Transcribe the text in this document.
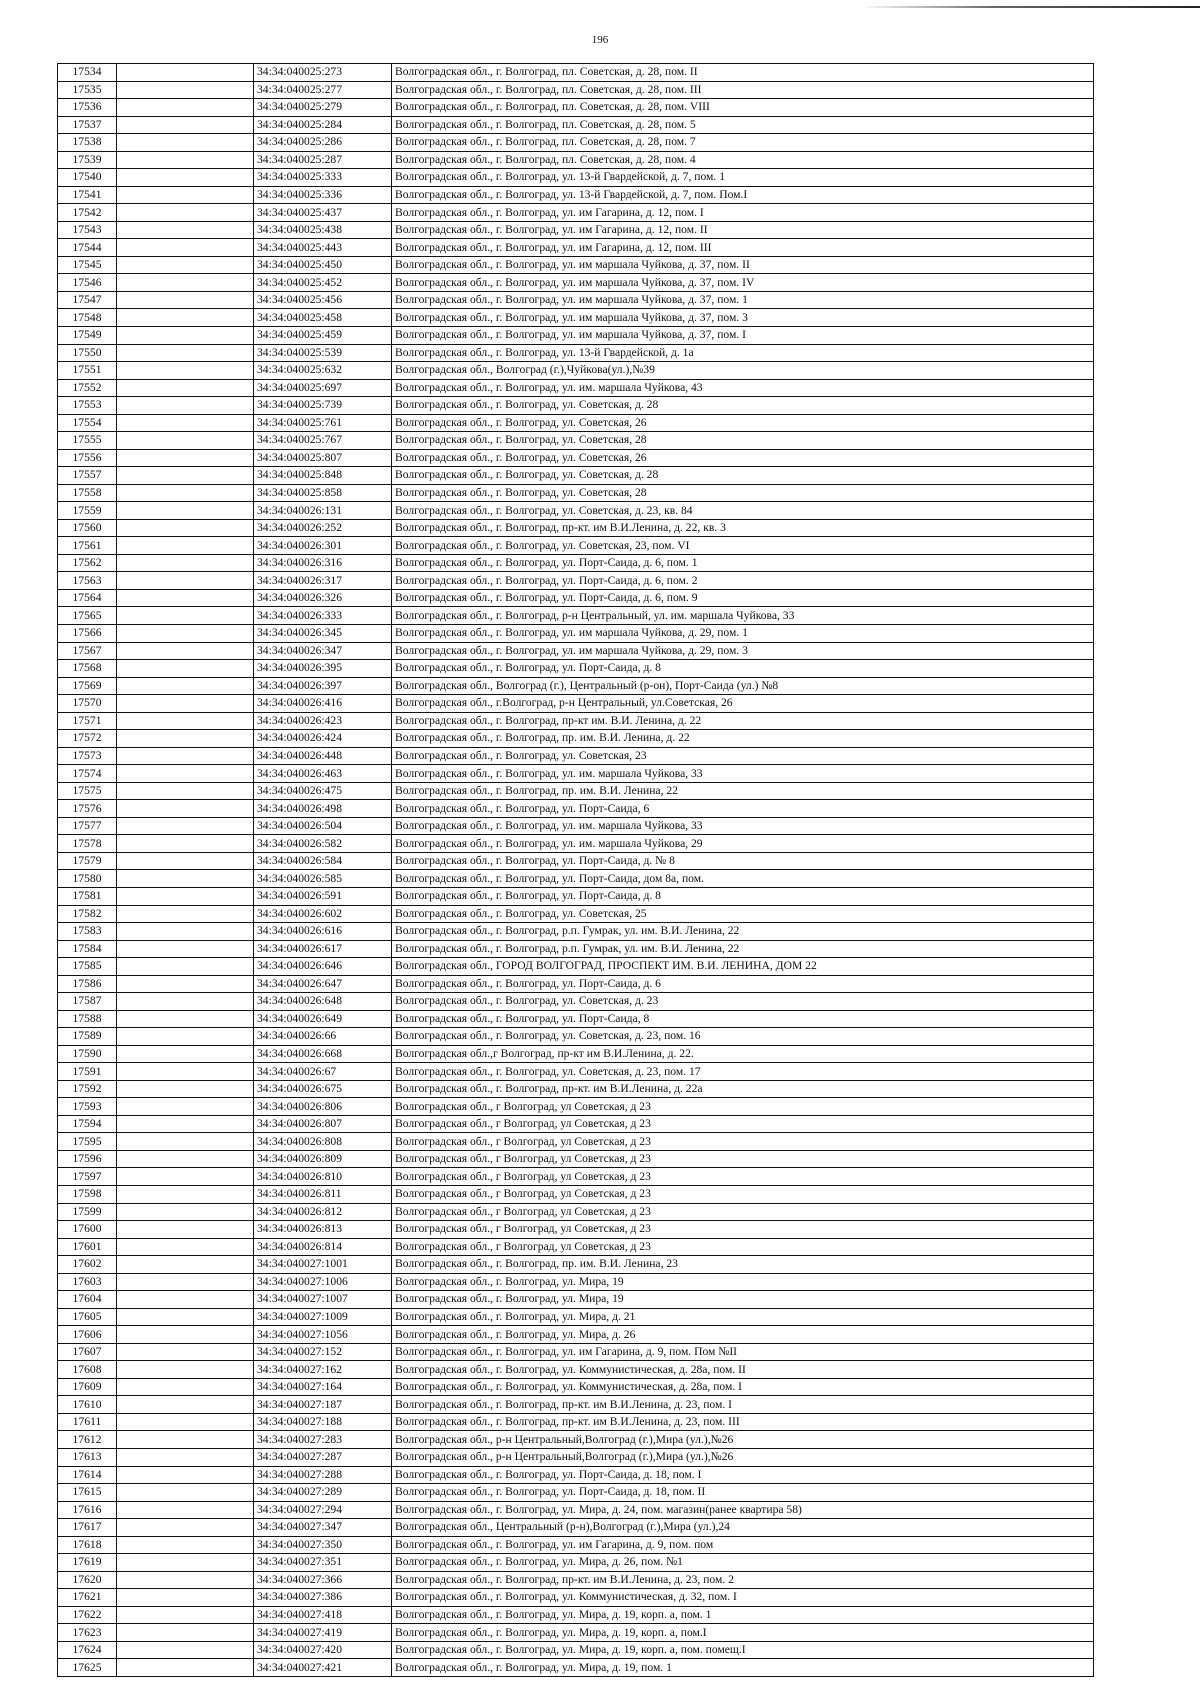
196
17534		34:34:040025:273	Волгоградская обл., г. Волгоград, пл. Советская, д. 28, пом. II
17535		34:34:040025:277	Волгоградская обл., г. Волгоград, пл. Советская, д. 28, пом. III
17536		34:34:040025:279	Волгоградская обл., г. Волгоград, пл. Советская, д. 28, пом. VIII
17537		34:34:040025:284	Волгоградская обл., г. Волгоград, пл. Советская, д. 28, пом. 5
17538		34:34:040025:286	Волгоградская обл., г. Волгоград, пл. Советская, д. 28, пом. 7
17539		34:34:040025:287	Волгоградская обл., г. Волгоград, пл. Советская, д. 28, пом. 4
17540		34:34:040025:333	Волгоградская обл., г. Волгоград, ул. 13-й Гвардейской, д. 7, пом. 1
17541		34:34:040025:336	Волгоградская обл., г. Волгоград, ул. 13-й Гвардейской, д. 7, пом. Пом.I
17542		34:34:040025:437	Волгоградская обл., г. Волгоград, ул. им Гагарина, д. 12, пом. I
17543		34:34:040025:438	Волгоградская обл., г. Волгоград, ул. им Гагарина, д. 12, пом. II
17544		34:34:040025:443	Волгоградская обл., г. Волгоград, ул. им Гагарина, д. 12, пом. III
17545		34:34:040025:450	Волгоградская обл., г. Волгоград, ул. им маршала Чуйкова, д. 37, пом. II
17546		34:34:040025:452	Волгоградская обл., г. Волгоград, ул. им маршала Чуйкова, д. 37, пом. IV
17547		34:34:040025:456	Волгоградская обл., г. Волгоград, ул. им маршала Чуйкова, д. 37, пом. 1
17548		34:34:040025:458	Волгоградская обл., г. Волгоград, ул. им маршала Чуйкова, д. 37, пом. 3
17549		34:34:040025:459	Волгоградская обл., г. Волгоград, ул. им маршала Чуйкова, д. 37, пом. I
17550		34:34:040025:539	Волгоградская обл., г. Волгоград, ул. 13-й Гвардейской, д. 1а
17551		34:34:040025:632	Волгоградская обл., Волгоград (г.),Чуйкова(ул.),№39
17552		34:34:040025:697	Волгоградская обл., г. Волгоград, ул. им. маршала Чуйкова, 43
17553		34:34:040025:739	Волгоградская обл., г. Волгоград, ул. Советская, д. 28
17554		34:34:040025:761	Волгоградская обл., г. Волгоград, ул. Советская, 26
17555		34:34:040025:767	Волгоградская обл., г. Волгоград, ул. Советская, 28
17556		34:34:040025:807	Волгоградская обл., г. Волгоград, ул. Советская, 26
17557		34:34:040025:848	Волгоградская обл., г. Волгоград, ул. Советская, д. 28
17558		34:34:040025:858	Волгоградская обл., г. Волгоград, ул. Советская, 28
17559		34:34:040026:131	Волгоградская обл., г. Волгоград, ул. Советская, д. 23, кв. 84
17560		34:34:040026:252	Волгоградская обл., г. Волгоград, пр-кт. им В.И.Ленина, д. 22, кв. 3
17561		34:34:040026:301	Волгоградская обл., г. Волгоград, ул. Советская, 23, пом. VI
17562		34:34:040026:316	Волгоградская обл., г. Волгоград, ул. Порт-Саида, д. 6, пом. 1
17563		34:34:040026:317	Волгоградская обл., г. Волгоград, ул. Порт-Саида, д. 6, пом. 2
17564		34:34:040026:326	Волгоградская обл., г. Волгоград, ул. Порт-Саида, д. 6, пом. 9
17565		34:34:040026:333	Волгоградская обл., г. Волгоград, р-н Центральный, ул. им. маршала Чуйкова, 33
17566		34:34:040026:345	Волгоградская обл., г. Волгоград, ул. им маршала Чуйкова, д. 29, пом. 1
17567		34:34:040026:347	Волгоградская обл., г. Волгоград, ул. им маршала Чуйкова, д. 29, пом. 3
17568		34:34:040026:395	Волгоградская обл., г. Волгоград, ул. Порт-Саида, д. 8
17569		34:34:040026:397	Волгоградская обл., Волгоград (г.), Центральный (р-он), Порт-Саида (ул.) №8
17570		34:34:040026:416	Волгоградская обл., г.Волгоград, р-н Центральный, ул.Советская, 26
17571		34:34:040026:423	Волгоградская обл., г. Волгоград, пр-кт им. В.И. Ленина, д. 22
17572		34:34:040026:424	Волгоградская обл., г. Волгоград, пр. им. В.И. Ленина, д. 22
17573		34:34:040026:448	Волгоградская обл., г. Волгоград, ул. Советская, 23
17574		34:34:040026:463	Волгоградская обл., г. Волгоград, ул. им. маршала Чуйкова, 33
17575		34:34:040026:475	Волгоградская обл., г. Волгоград, пр. им. В.И. Ленина, 22
17576		34:34:040026:498	Волгоградская обл., г. Волгоград, ул. Порт-Саида, 6
17577		34:34:040026:504	Волгоградская обл., г. Волгоград, ул. им. маршала Чуйкова, 33
17578		34:34:040026:582	Волгоградская обл., г. Волгоград, ул. им. маршала Чуйкова, 29
17579		34:34:040026:584	Волгоградская обл., г. Волгоград, ул. Порт-Саида, д. № 8
17580		34:34:040026:585	Волгоградская обл., г. Волгоград, ул. Порт-Саида, дом 8а, пом.
17581		34:34:040026:591	Волгоградская обл., г. Волгоград, ул. Порт-Саида, д. 8
17582		34:34:040026:602	Волгоградская обл., г. Волгоград, ул. Советская, 25
17583		34:34:040026:616	Волгоградская обл., г. Волгоград, р.п. Гумрак, ул. им. В.И. Ленина, 22
17584		34:34:040026:617	Волгоградская обл., г. Волгоград, р.п. Гумрак, ул. им. В.И. Ленина, 22
17585		34:34:040026:646	Волгоградская обл., ГОРОД ВОЛГОГРАД, ПРОСПЕКТ ИМ. В.И. ЛЕНИНА, ДОМ 22
17586		34:34:040026:647	Волгоградская обл., г. Волгоград, ул. Порт-Саида, д. 6
17587		34:34:040026:648	Волгоградская обл., г. Волгоград, ул. Советская, д. 23
17588		34:34:040026:649	Волгоградская обл., г. Волгоград, ул. Порт-Саида, 8
17589		34:34:040026:66	Волгоградская обл., г. Волгоград, ул. Советская, д. 23, пом. 16
17590		34:34:040026:668	Волгоградская обл.,г Волгоград, пр-кт им В.И.Ленина, д. 22.
17591		34:34:040026:67	Волгоградская обл., г. Волгоград, ул. Советская, д. 23, пом. 17
17592		34:34:040026:675	Волгоградская обл., г. Волгоград, пр-кт. им В.И.Ленина, д. 22а
17593		34:34:040026:806	Волгоградская обл., г Волгоград, ул Советская, д 23
17594		34:34:040026:807	Волгоградская обл., г Волгоград, ул Советская, д 23
17595		34:34:040026:808	Волгоградская обл., г Волгоград, ул Советская, д 23
17596		34:34:040026:809	Волгоградская обл., г Волгоград, ул Советская, д 23
17597		34:34:040026:810	Волгоградская обл., г Волгоград, ул Советская, д 23
17598		34:34:040026:811	Волгоградская обл., г Волгоград, ул Советская, д 23
17599		34:34:040026:812	Волгоградская обл., г Волгоград, ул Советская, д 23
17600		34:34:040026:813	Волгоградская обл., г Волгоград, ул Советская, д 23
17601		34:34:040026:814	Волгоградская обл., г Волгоград, ул Советская, д 23
17602		34:34:040027:1001	Волгоградская обл., г. Волгоград, пр. им. В.И. Ленина, 23
17603		34:34:040027:1006	Волгоградская обл., г. Волгоград, ул. Мира, 19
17604		34:34:040027:1007	Волгоградская обл., г. Волгоград, ул. Мира, 19
17605		34:34:040027:1009	Волгоградская обл., г. Волгоград, ул. Мира, д. 21
17606		34:34:040027:1056	Волгоградская обл., г. Волгоград, ул. Мира, д. 26
17607		34:34:040027:152	Волгоградская обл., г. Волгоград, ул. им Гагарина, д. 9, пом. Пом №II
17608		34:34:040027:162	Волгоградская обл., г. Волгоград, ул. Коммунистическая, д. 28а, пом. II
17609		34:34:040027:164	Волгоградская обл., г. Волгоград, ул. Коммунистическая, д. 28а, пом. I
17610		34:34:040027:187	Волгоградская обл., г. Волгоград, пр-кт. им В.И.Ленина, д. 23, пом. I
17611		34:34:040027:188	Волгоградская обл., г. Волгоград, пр-кт. им В.И.Ленина, д. 23, пом. III
17612		34:34:040027:283	Волгоградская обл., р-н Центральный,Волгоград (г.),Мира (ул.),№26
17613		34:34:040027:287	Волгоградская обл., р-н Центральный,Волгоград (г.),Мира (ул.),№26
17614		34:34:040027:288	Волгоградская обл., г. Волгоград, ул. Порт-Саида, д. 18, пом. I
17615		34:34:040027:289	Волгоградская обл., г. Волгоград, ул. Порт-Саида, д. 18, пом. II
17616		34:34:040027:294	Волгоградская обл., г. Волгоград, ул. Мира, д. 24, пом. магазин(ранее квартира 58)
17617		34:34:040027:347	Волгоградская обл., Центральный (р-н),Волгоград (г.),Мира (ул.),24
17618		34:34:040027:350	Волгоградская обл., г. Волгоград, ул. им Гагарина, д. 9, пом. пом
17619		34:34:040027:351	Волгоградская обл., г. Волгоград, ул. Мира, д. 26, пом. №1
17620		34:34:040027:366	Волгоградская обл., г. Волгоград, пр-кт. им В.И.Ленина, д. 23, пом. 2
17621		34:34:040027:386	Волгоградская обл., г. Волгоград, ул. Коммунистическая, д. 32, пом. I
17622		34:34:040027:418	Волгоградская обл., г. Волгоград, ул. Мира, д. 19, корп. а, пом. 1
17623		34:34:040027:419	Волгоградская обл., г. Волгоград, ул. Мира, д. 19, корп. а, пом.I
17624		34:34:040027:420	Волгоградская обл., г. Волгоград, ул. Мира, д. 19, корп. а, пом. помещ.I
17625		34:34:040027:421	Волгоградская обл., г. Волгоград, ул. Мира, д. 19, пом. 1
